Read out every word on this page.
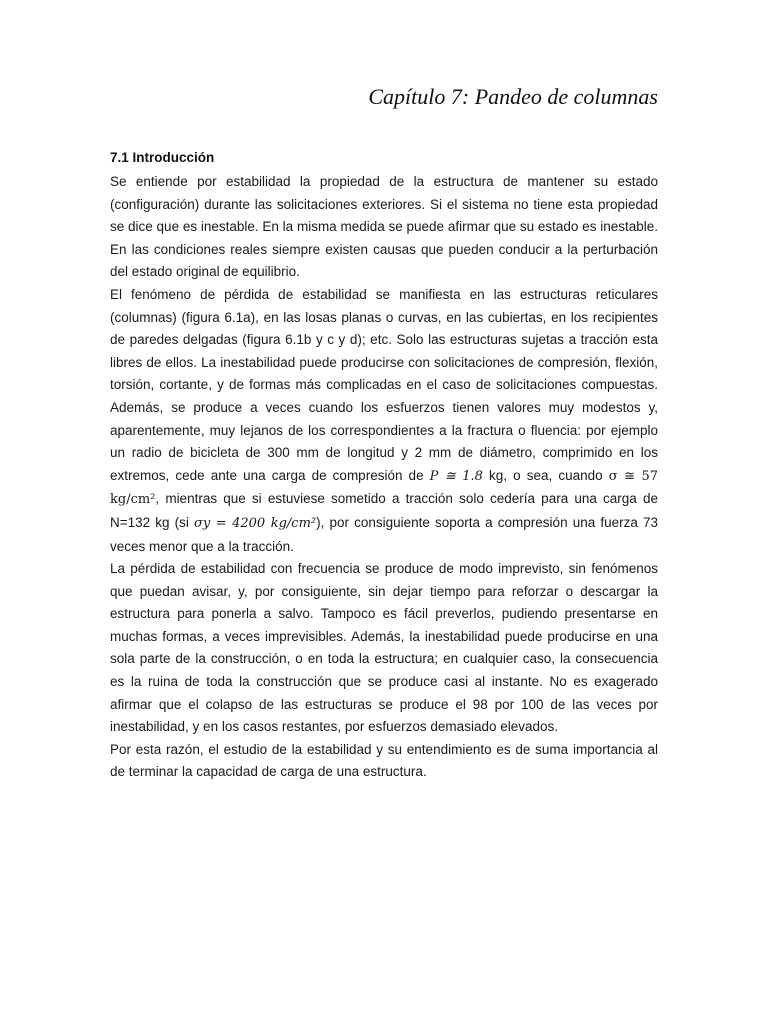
Capítulo 7: Pandeo de columnas
7.1 Introducción

Se entiende por estabilidad la propiedad de la estructura de mantener su estado (configuración) durante las solicitaciones exteriores. Si el sistema no tiene esta propiedad se dice que es inestable. En la misma medida se puede afirmar que su estado es inestable. En las condiciones reales siempre existen causas que pueden conducir a la perturbación del estado original de equilibrio.

El fenómeno de pérdida de estabilidad se manifiesta en las estructuras reticulares (columnas) (figura 6.1a), en las losas planas o curvas, en las cubiertas, en los recipientes de paredes delgadas (figura 6.1b y c y d); etc. Solo las estructuras sujetas a tracción esta libres de ellos. La inestabilidad puede producirse con solicitaciones de compresión, flexión, torsión, cortante, y de formas más complicadas en el caso de solicitaciones compuestas. Además, se produce a veces cuando los esfuerzos tienen valores muy modestos y, aparentemente, muy lejanos de los correspondientes a la fractura o fluencia: por ejemplo un radio de bicicleta de 300 mm de longitud y 2 mm de diámetro, comprimido en los extremos, cede ante una carga de compresión de P ≅ 1.8 kg, o sea, cuando σ ≅ 57 kg/cm², mientras que si estuviese sometido a tracción solo cedería para una carga de N=132 kg (si σy = 4200 kg/cm²), por consiguiente soporta a compresión una fuerza 73 veces menor que a la tracción.

La pérdida de estabilidad con frecuencia se produce de modo imprevisto, sin fenómenos que puedan avisar, y, por consiguiente, sin dejar tiempo para reforzar o descargar la estructura para ponerla a salvo. Tampoco es fácil preverlos, pudiendo presentarse en muchas formas, a veces imprevisibles. Además, la inestabilidad puede producirse en una sola parte de la construcción, o en toda la estructura; en cualquier caso, la consecuencia es la ruina de toda la construcción que se produce casi al instante. No es exagerado afirmar que el colapso de las estructuras se produce el 98 por 100 de las veces por inestabilidad, y en los casos restantes, por esfuerzos demasiado elevados.

Por esta razón, el estudio de la estabilidad y su entendimiento es de suma importancia al de terminar la capacidad de carga de una estructura.
